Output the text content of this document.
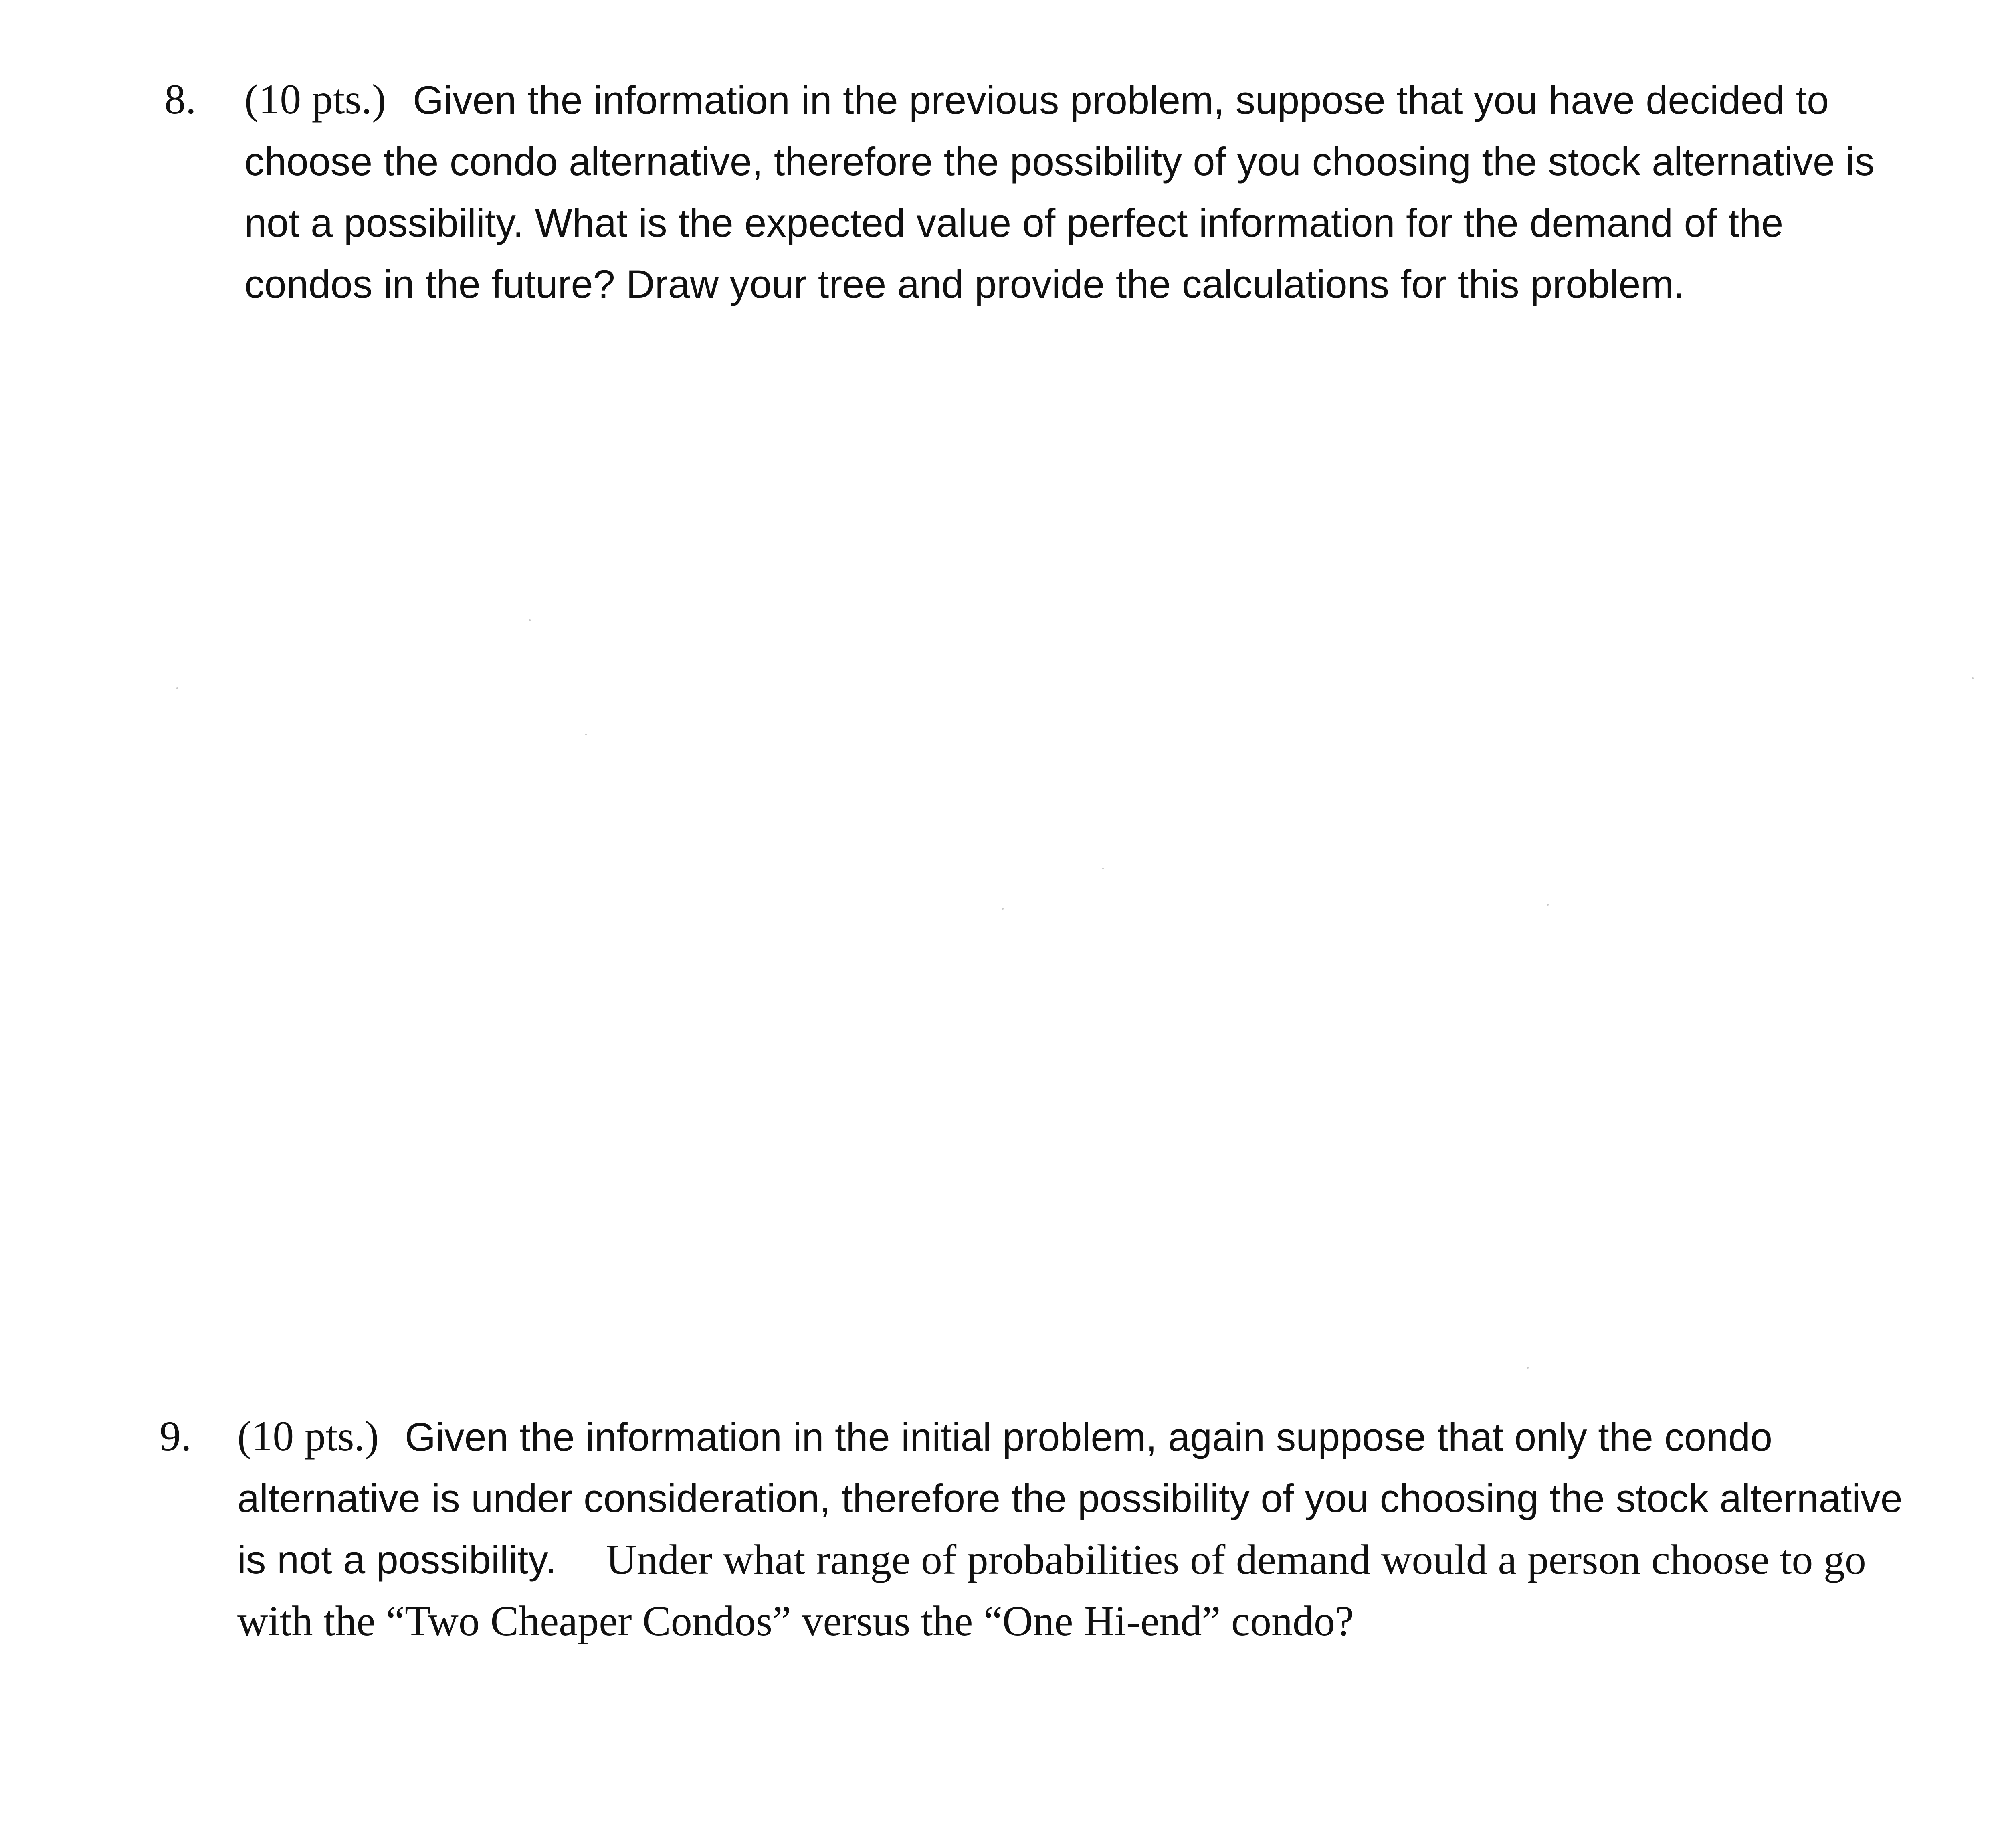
8. (10 pts.) Given the information in the previous problem, suppose that you have decided to
choose the condo alternative, therefore the possibility of you choosing the stock alternative is
not a possibility. What is the expected value of perfect information for the demand of the
condos in the future? Draw your tree and provide the calculations for this problem.
9. (10 pts.) Given the information in the initial problem, again suppose that only the condo
alternative is under consideration, therefore the possibility of you choosing the stock alternative
is not a possibility. Under what range of probabilities of demand would a person choose to go
with the “Two Cheaper Condos” versus the “One Hi-end” condo?
